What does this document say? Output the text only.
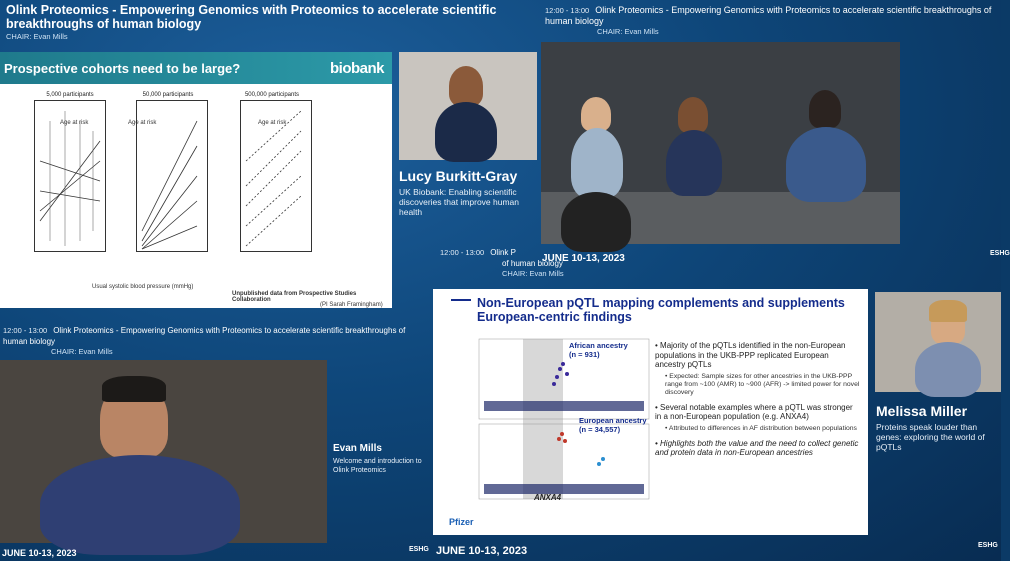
Olink Proteomics - Empowering Genomics with Proteomics to accelerate scientific breakthroughs of human biology
CHAIR: Evan Mills
12:00 - 13:00 Olink Proteomics - Empowering Genomics with Proteomics to accelerate scientific breakthroughs of human biology
CHAIR: Evan Mills
Prospective cohorts need to be large?	biobank
5,000 participants	50,000 participants	500,000 participants
Age at risk	Age at risk	Age at risk
Usual systolic blood pressure (mmHg)
Unpublished data from Prospective Studies Collaboration
(PI Sarah Framingham)
Lucy Burkitt-Gray
UK Biobank: Enabling scientific discoveries that improve human health
12:00 - 13:00 Olink P
of human biology
CHAIR: Evan Mills
JUNE 10-13, 2023	ESHG
12:00 - 13:00 Olink Proteomics - Empowering Genomics with Proteomics to accelerate scientific breakthroughs of human biology
CHAIR: Evan Mills
Evan Mills
Welcome and introduction to Olink Proteomics
Non-European pQTL mapping complements and supplements European-centric findings
African ancestry
(n = 931)
European ancestry
(n = 34,557)
ANXA4
• Majority of the pQTLs identified in the non-European populations in the UKB-PPP replicated European ancestry pQTLs
• Expected: Sample sizes for other ancestries in the UKB-PPP range from ~100 (AMR) to ~900 (AFR) -> limited power for novel discovery
• Several notable examples where a pQTL was stronger in a non-European population (e.g. ANXA4)
• Attributed to differences in AF distribution between populations
• Highlights both the value and the need to collect genetic and protein data in non-European ancestries
Pfizer
Melissa Miller
Proteins speak louder than genes: exploring the world of pQTLs
JUNE 10-13, 2023	ESHG JUNE 10-13, 2023	ESHG
